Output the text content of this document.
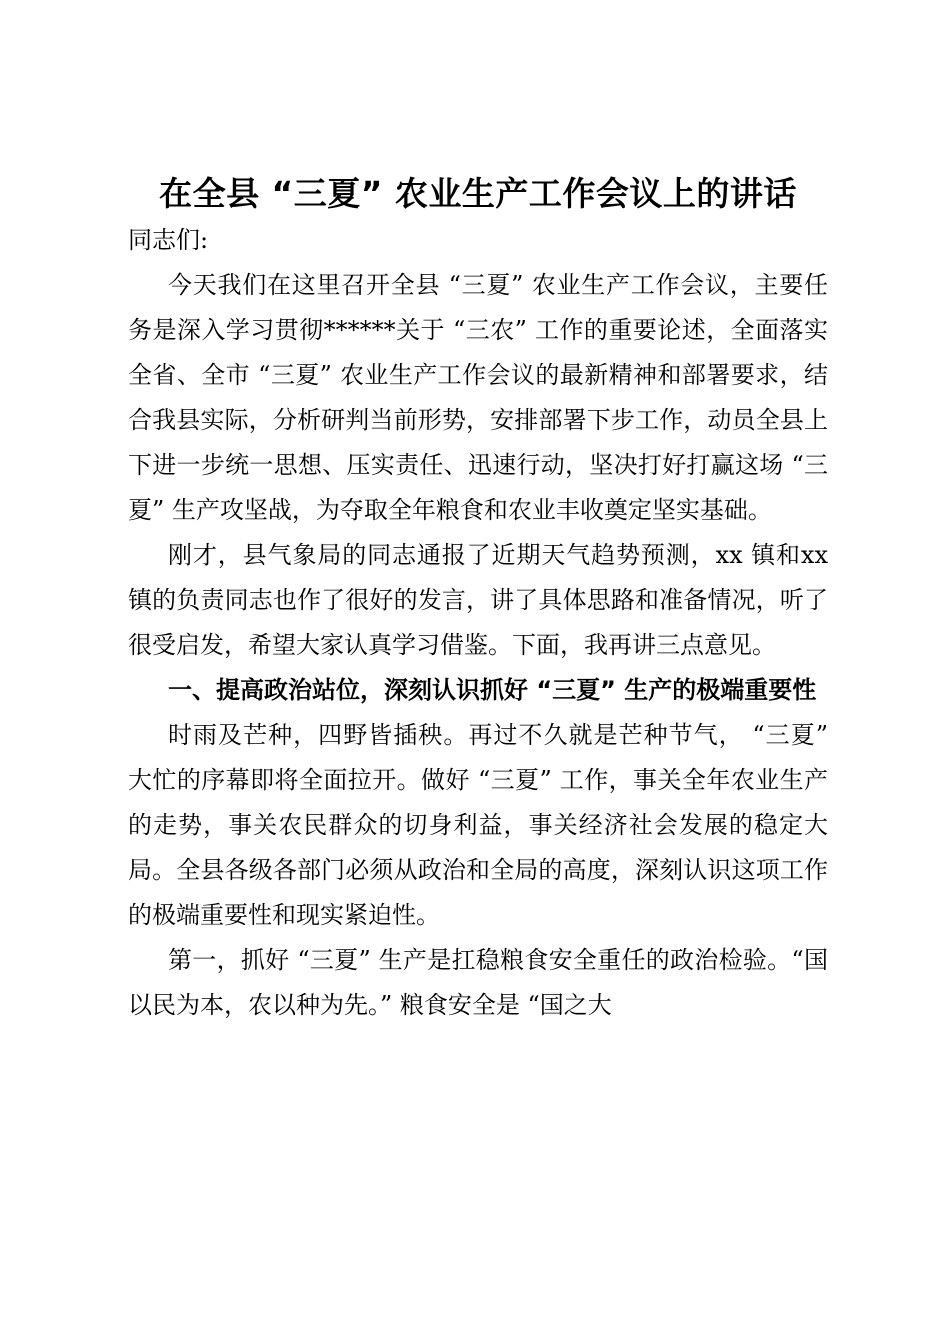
在全县 “三夏” 农业生产工作会议上的讲话

同志们:

今天我们在这里召开全县 “三夏” 农业生产工作会议，主要任务是深入学习贯彻******关于 “三农” 工作的重要论述，全面落实全省、全市 “三夏” 农业生产工作会议的最新精神和部署要求，结合我县实际，分析研判当前形势，安排部署下步工作，动员全县上下进一步统一思想、压实责任、迅速行动，坚决打好打赢这场 “三夏” 生产攻坚战，为夺取全年粮食和农业丰收奠定坚实基础。

刚才，县气象局的同志通报了近期天气趋势预测，xx 镇和xx 镇的负责同志也作了很好的发言，讲了具体思路和准备情况，听了很受启发，希望大家认真学习借鉴。下面，我再讲三点意见。

一、提高政治站位，深刻认识抓好 “三夏” 生产的极端重要性

时雨及芒种，四野皆插秧。再过不久就是芒种节气， “三夏” 大忙的序幕即将全面拉开。做好 “三夏” 工作，事关全年农业生产的走势，事关农民群众的切身利益，事关经济社会发展的稳定大局。全县各级各部门必须从政治和全局的高度，深刻认识这项工作的极端重要性和现实紧迫性。

第一，抓好 “三夏” 生产是扛稳粮食安全重任的政治检验。“国以民为本，农以种为先。” 粮食安全是 “国之大
